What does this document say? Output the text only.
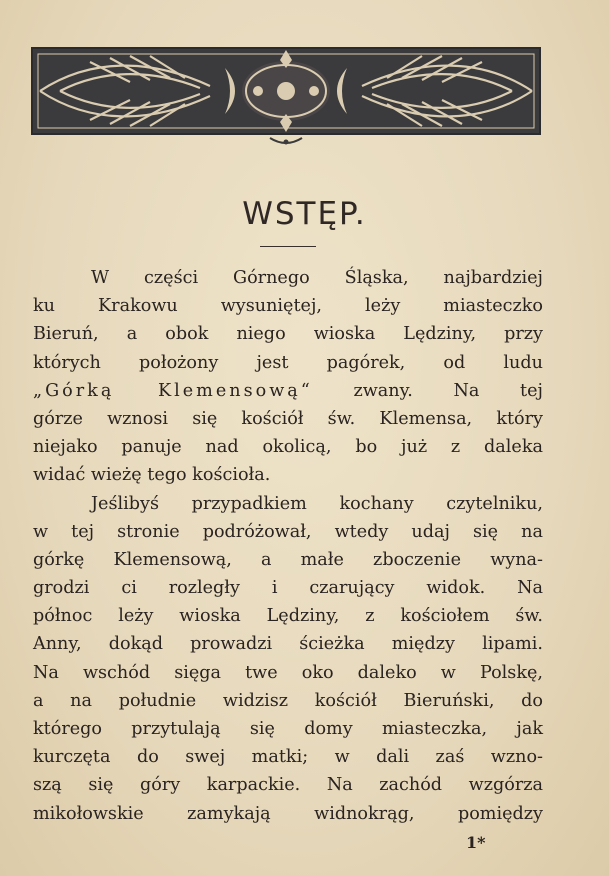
WSTĘP.
W części Górnego Śląska, najbardziej
ku Krakowu wysuniętej, leży miasteczko
Bieruń, a obok niego wioska Lędziny, przy
których położony jest pagórek, od ludu
„Górką Klemensową“ zwany. Na tej
górze wznosi się kościół św. Klemensa, który
niejako panuje nad okolicą, bo już z daleka
widać wieżę tego kościoła.
Jeślibyś przypadkiem kochany czytelniku,
w tej stronie podróżował, wtedy udaj się na
górkę Klemensową, a małe zboczenie wyna-
grodzi ci rozległy i czarujący widok. Na
północ leży wioska Lędziny, z kościołem św.
Anny, dokąd prowadzi ścieżka między lipami.
Na wschód sięga twe oko daleko w Polskę,
a na południe widzisz kościół Bieruński, do
którego przytulają się domy miasteczka, jak
kurczęta do swej matki; w dali zaś wzno-
szą się góry karpackie. Na zachód wzgórza
mikołowskie zamykają widnokrąg, pomiędzy
1*
